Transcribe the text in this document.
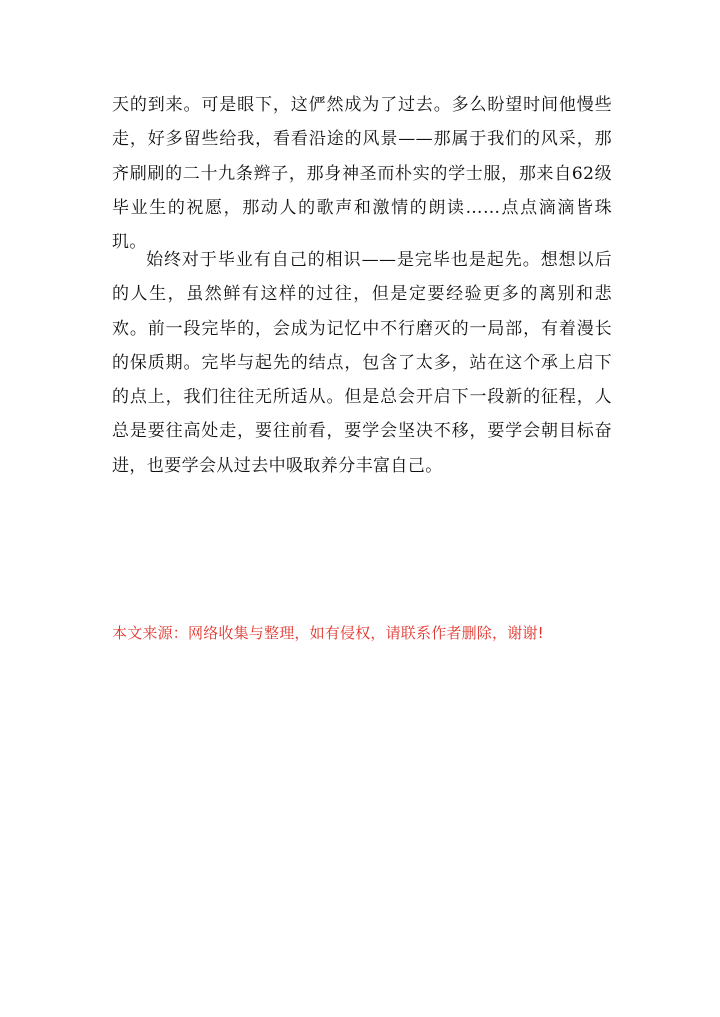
天的到来。可是眼下，这俨然成为了过去。多么盼望时间他慢些走，好多留些给我，看看沿途的风景——那属于我们的风采，那齐刷刷的二十九条辫子，那身神圣而朴实的学士服，那来自62级毕业生的祝愿，那动人的歌声和激情的朗读……点点滴滴皆珠玑。

始终对于毕业有自己的相识——是完毕也是起先。想想以后的人生，虽然鲜有这样的过往，但是定要经验更多的离别和悲欢。前一段完毕的，会成为记忆中不行磨灭的一局部，有着漫长的保质期。完毕与起先的结点，包含了太多，站在这个承上启下的点上，我们往往无所适从。但是总会开启下一段新的征程，人总是要往高处走，要往前看，要学会坚决不移，要学会朝目标奋进，也要学会从过去中吸取养分丰富自己。

本文来源：网络收集与整理，如有侵权，请联系作者删除，谢谢!
